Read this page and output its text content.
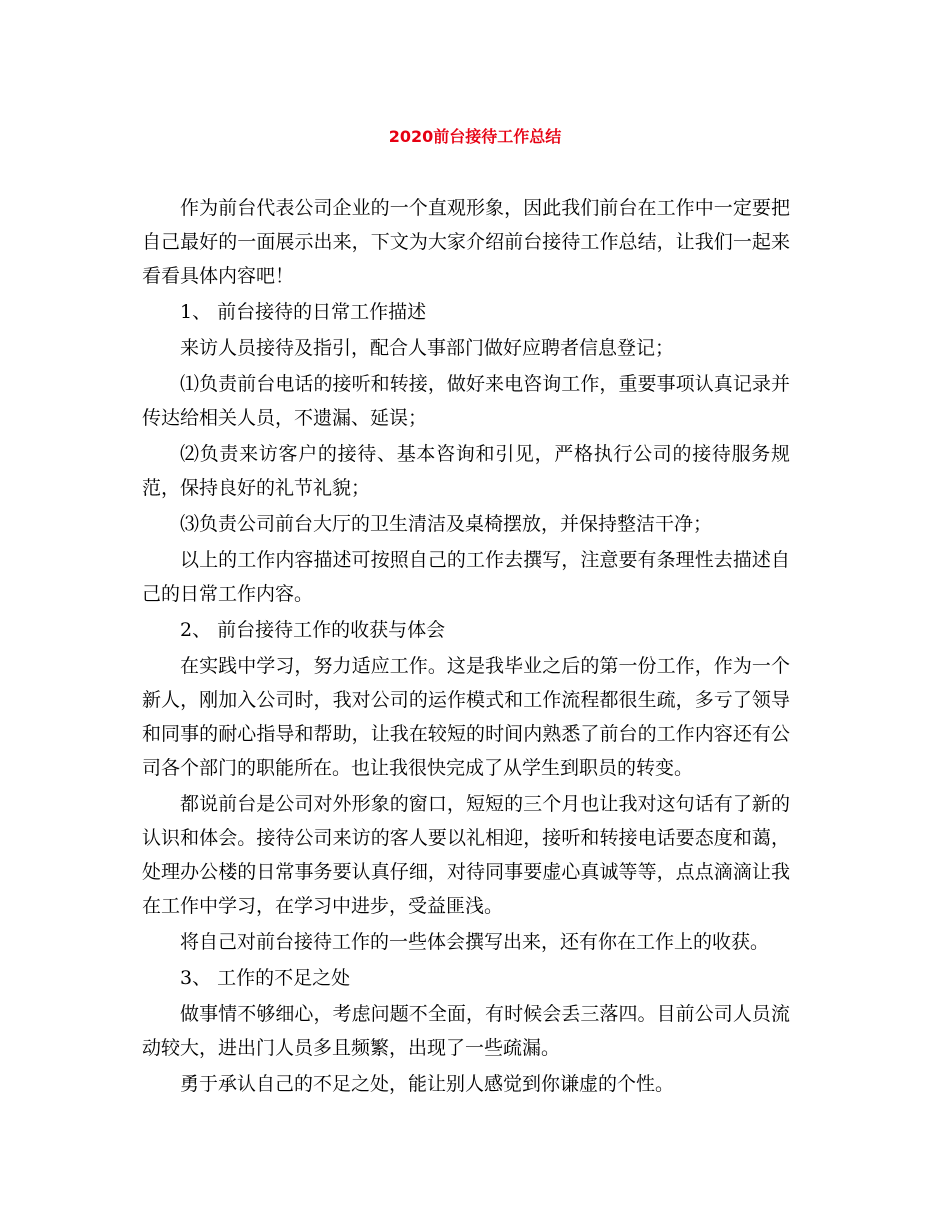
2020前台接待工作总结

作为前台代表公司企业的一个直观形象，因此我们前台在工作中一定要把自己最好的一面展示出来，下文为大家介绍前台接待工作总结，让我们一起来看看具体内容吧！

1、 前台接待的日常工作描述

来访人员接待及指引，配合人事部门做好应聘者信息登记；

⑴负责前台电话的接听和转接，做好来电咨询工作，重要事项认真记录并传达给相关人员，不遗漏、延误；

⑵负责来访客户的接待、基本咨询和引见，严格执行公司的接待服务规范，保持良好的礼节礼貌；

⑶负责公司前台大厅的卫生清洁及桌椅摆放，并保持整洁干净；

以上的工作内容描述可按照自己的工作去撰写，注意要有条理性去描述自己的日常工作内容。

2、 前台接待工作的收获与体会

在实践中学习，努力适应工作。这是我毕业之后的第一份工作，作为一个新人，刚加入公司时，我对公司的运作模式和工作流程都很生疏，多亏了领导和同事的耐心指导和帮助，让我在较短的时间内熟悉了前台的工作内容还有公司各个部门的职能所在。也让我很快完成了从学生到职员的转变。

都说前台是公司对外形象的窗口，短短的三个月也让我对这句话有了新的认识和体会。接待公司来访的客人要以礼相迎，接听和转接电话要态度和蔼，处理办公楼的日常事务要认真仔细，对待同事要虚心真诚等等，点点滴滴让我在工作中学习，在学习中进步，受益匪浅。

将自己对前台接待工作的一些体会撰写出来，还有你在工作上的收获。

3、 工作的不足之处

做事情不够细心，考虑问题不全面，有时候会丢三落四。目前公司人员流动较大，进出门人员多且频繁，出现了一些疏漏。

勇于承认自己的不足之处，能让别人感觉到你谦虚的个性。
